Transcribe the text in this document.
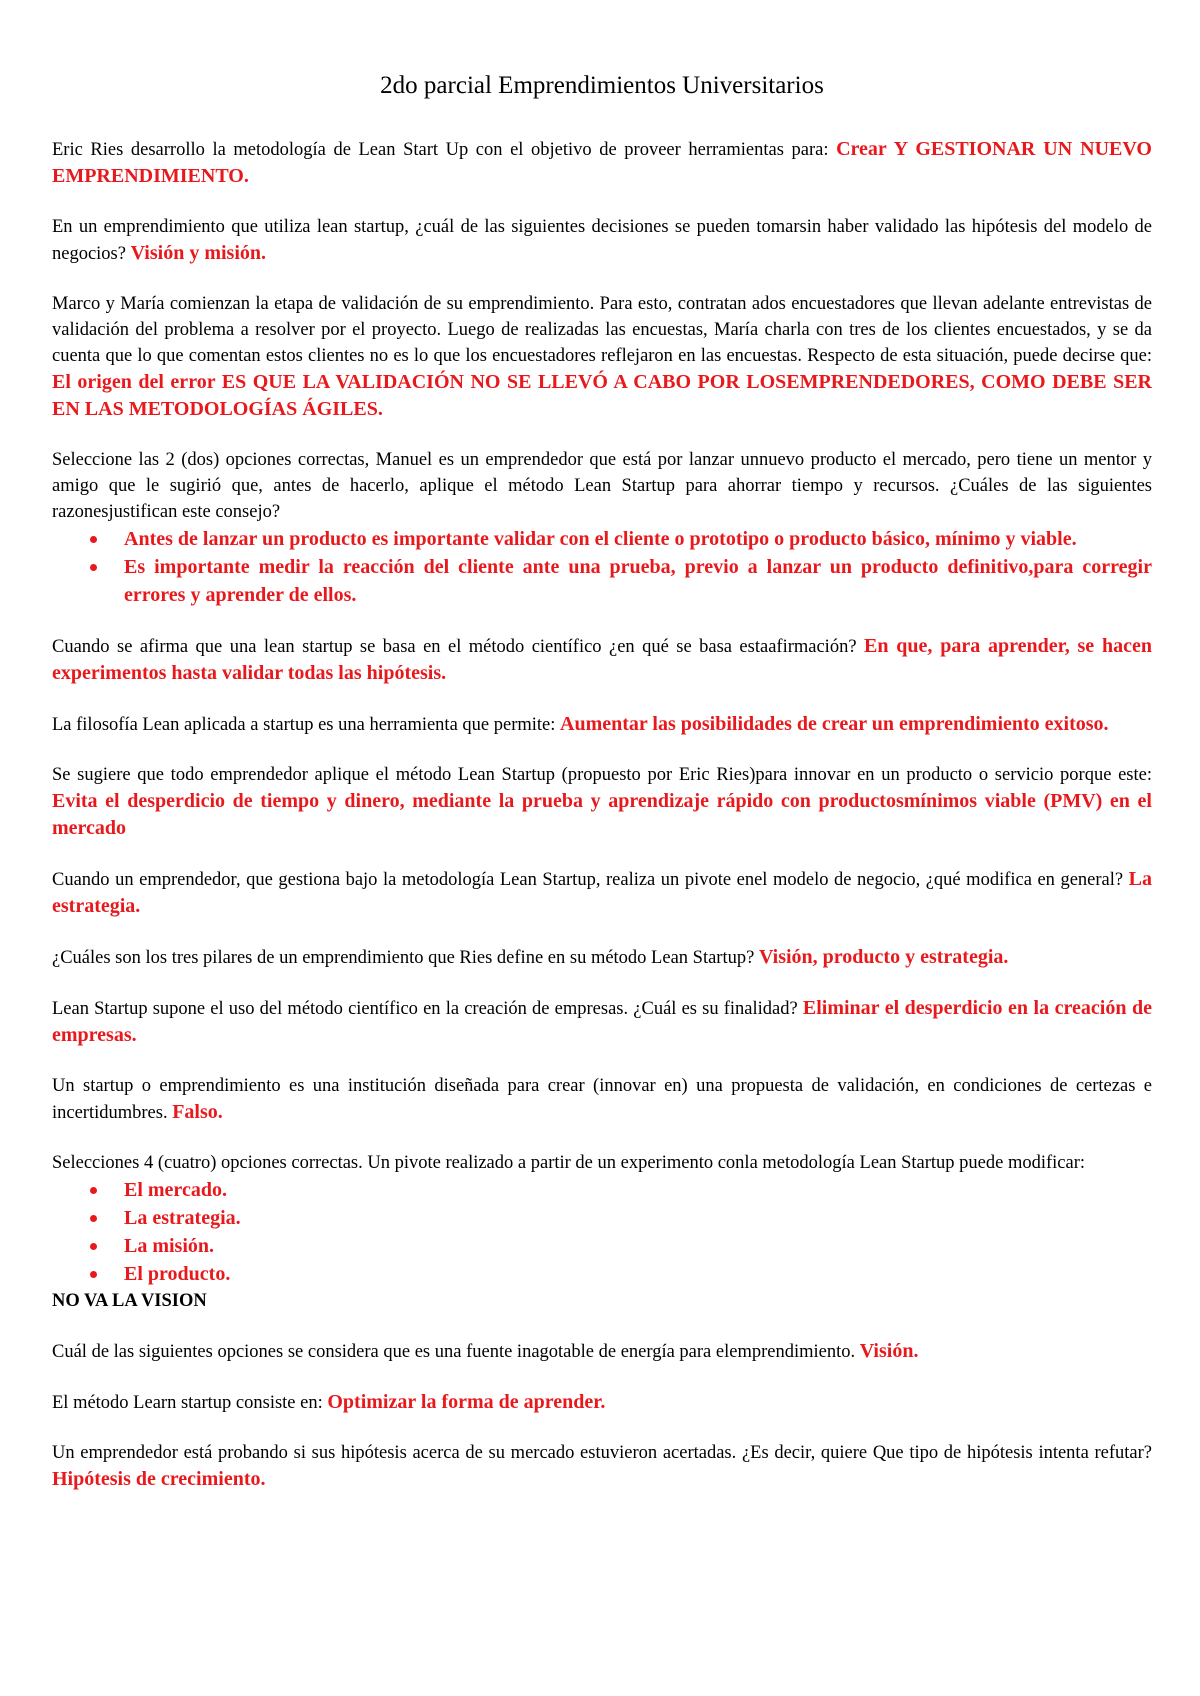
2do parcial Emprendimientos Universitarios

Eric Ries desarrollo la metodología de Lean Start Up con el objetivo de proveer herramientas para: Crear Y GESTIONAR UN NUEVO EMPRENDIMIENTO.

En un emprendimiento que utiliza lean startup, ¿cuál de las siguientes decisiones se pueden tomarsin haber validado las hipótesis del modelo de negocios? Visión y misión.

Marco y María comienzan la etapa de validación de su emprendimiento. Para esto, contratan ados encuestadores que llevan adelante entrevistas de validación del problema a resolver por el proyecto. Luego de realizadas las encuestas, María charla con tres de los clientes encuestados, y se da cuenta que lo que comentan estos clientes no es lo que los encuestadores reflejaron en las encuestas. Respecto de esta situación, puede decirse que: El origen del error ES QUE LA VALIDACIÓN NO SE LLEVÓ A CABO POR LOSEMPRENDEDORES, COMO DEBE SER EN LAS METODOLOGÍAS ÁGILES.

Seleccione las 2 (dos) opciones correctas, Manuel es un emprendedor que está por lanzar unnuevo producto el mercado, pero tiene un mentor y amigo que le sugirió que, antes de hacerlo, aplique el método Lean Startup para ahorrar tiempo y recursos. ¿Cuáles de las siguientes razonesjustifican este consejo?

Antes de lanzar un producto es importante validar con el cliente o prototipo o producto básico, mínimo y viable.
Es importante medir la reacción del cliente ante una prueba, previo a lanzar un producto definitivo,para corregir errores y aprender de ellos.

Cuando se afirma que una lean startup se basa en el método científico ¿en qué se basa estaafirmación? En que, para aprender, se hacen experimentos hasta validar todas las hipótesis.

La filosofía Lean aplicada a startup es una herramienta que permite: Aumentar las posibilidades de crear un emprendimiento exitoso.

Se sugiere que todo emprendedor aplique el método Lean Startup (propuesto por Eric Ries)para innovar en un producto o servicio porque este: Evita el desperdicio de tiempo y dinero, mediante la prueba y aprendizaje rápido con productosmínimos viable (PMV) en el mercado

Cuando un emprendedor, que gestiona bajo la metodología Lean Startup, realiza un pivote enel modelo de negocio, ¿qué modifica en general? La estrategia.

¿Cuáles son los tres pilares de un emprendimiento que Ries define en su método Lean Startup? Visión, producto y estrategia.

Lean Startup supone el uso del método científico en la creación de empresas. ¿Cuál es su finalidad? Eliminar el desperdicio en la creación de empresas.

Un startup o emprendimiento es una institución diseñada para crear (innovar en) una propuesta de validación, en condiciones de certezas e incertidumbres. Falso.

Selecciones 4 (cuatro) opciones correctas. Un pivote realizado a partir de un experimento conla metodología Lean Startup puede modificar:

El mercado.
La estrategia.
La misión.
El producto.
NO VA LA VISION

Cuál de las siguientes opciones se considera que es una fuente inagotable de energía para elemprendimiento. Visión.

El método Learn startup consiste en: Optimizar la forma de aprender.

Un emprendedor está probando si sus hipótesis acerca de su mercado estuvieron acertadas. ¿Es decir, quiere Que tipo de hipótesis intenta refutar? Hipótesis de crecimiento.
